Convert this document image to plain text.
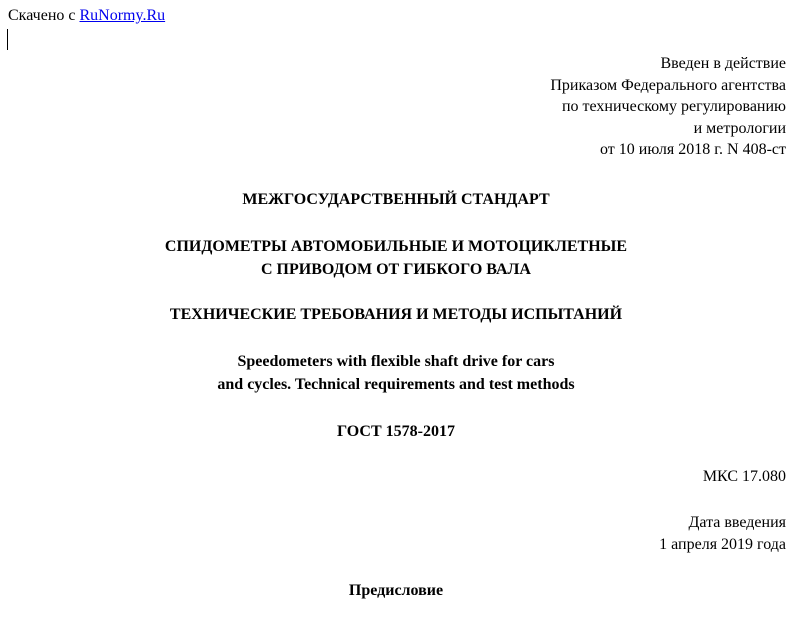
Скачено с RuNormy.Ru
Введен в действие
Приказом Федерального агентства
по техническому регулированию
и метрологии
от 10 июля 2018 г. N 408-ст
МЕЖГОСУДАРСТВЕННЫЙ СТАНДАРТ
СПИДОМЕТРЫ АВТОМОБИЛЬНЫЕ И МОТОЦИКЛЕТНЫЕ
С ПРИВОДОМ ОТ ГИБКОГО ВАЛА
ТЕХНИЧЕСКИЕ ТРЕБОВАНИЯ И МЕТОДЫ ИСПЫТАНИЙ
Speedometers with flexible shaft drive for cars
and cycles. Technical requirements and test methods
ГОСТ 1578-2017
МКС 17.080
Дата введения
1 апреля 2019 года
Предисловие
